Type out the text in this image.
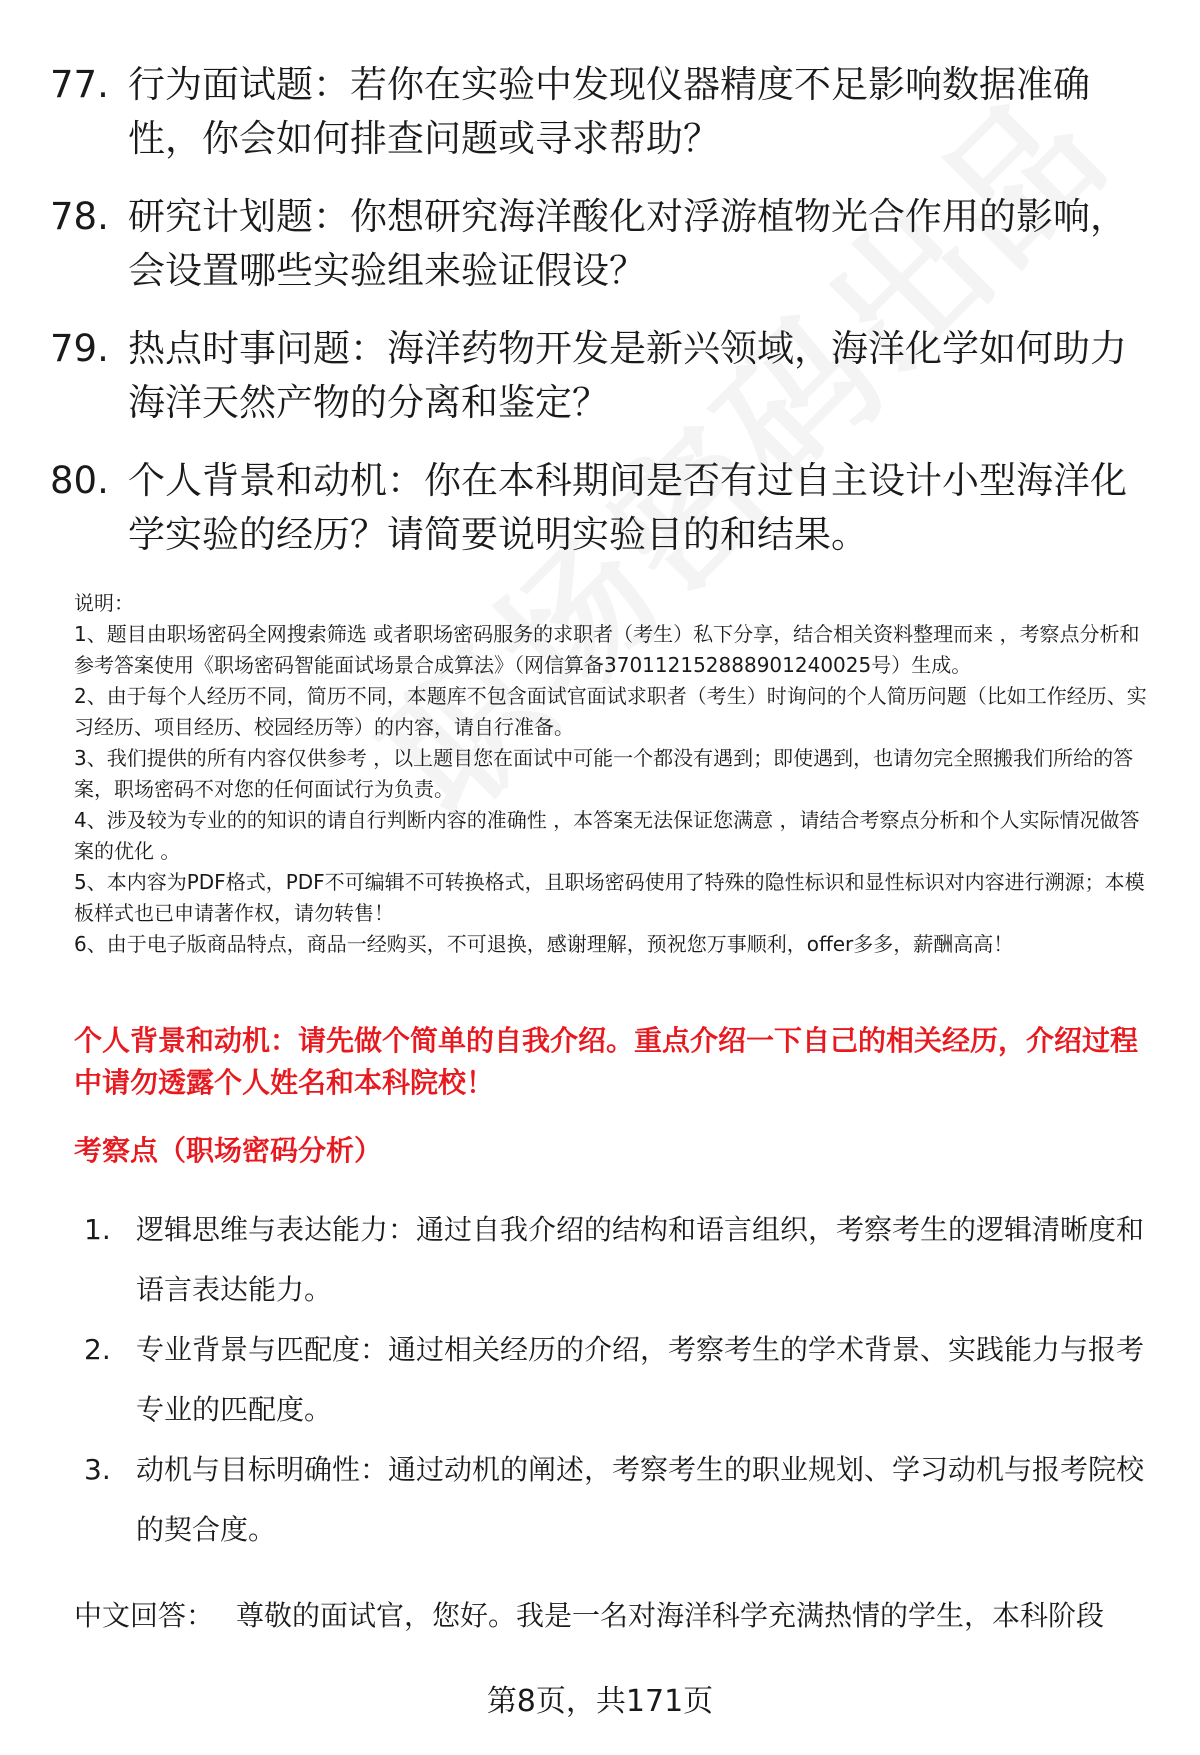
77. 行为面试题：若你在实验中发现仪器精度不足影响数据准确性，你会如何排查问题或寻求帮助？
78. 研究计划题：你想研究海洋酸化对浮游植物光合作用的影响，会设置哪些实验组来验证假设？
79. 热点时事问题：海洋药物开发是新兴领域，海洋化学如何助力海洋天然产物的分离和鉴定？
80. 个人背景和动机：你在本科期间是否有过自主设计小型海洋化学实验的经历？请简要说明实验目的和结果。
说明：
1、题目由职场密码全网搜索筛选 或者职场密码服务的求职者（考生）私下分享，结合相关资料整理而来 ，考察点分析和参考答案使用《职场密码智能面试场景合成算法》（网信算备370112152888901240025号）生成。
2、由于每个人经历不同，简历不同，本题库不包含面试官面试求职者（考生）时询问的个人简历问题（比如工作经历、实习经历、项目经历、校园经历等）的内容，请自行准备。
3、我们提供的所有内容仅供参考 ，以上题目您在面试中可能一个都没有遇到；即使遇到，也请勿完全照搬我们所给的答案，职场密码不对您的任何面试行为负责。
4、涉及较为专业的的知识的请自行判断内容的准确性 ，本答案无法保证您满意 ，请结合考察点分析和个人实际情况做答案的优化 。
5、本内容为PDF格式，PDF不可编辑不可转换格式，且职场密码使用了特殊的隐性标识和显性标识对内容进行溯源；本模板样式也已申请著作权，请勿转售！
6、由于电子版商品特点，商品一经购买，不可退换，感谢理解，预祝您万事顺利，offer多多，薪酬高高！
个人背景和动机：请先做个简单的自我介绍。重点介绍一下自己的相关经历，介绍过程中请勿透露个人姓名和本科院校！
考察点（职场密码分析）
1. 逻辑思维与表达能力：通过自我介绍的结构和语言组织，考察考生的逻辑清晰度和语言表达能力。
2. 专业背景与匹配度：通过相关经历的介绍，考察考生的学术背景、实践能力与报考专业的匹配度。
3. 动机与目标明确性：通过动机的阐述，考察考生的职业规划、学习动机与报考院校的契合度。
中文回答： 尊敬的面试官，您好。我是一名对海洋科学充满热情的学生，本科阶段
第8页，共171页
